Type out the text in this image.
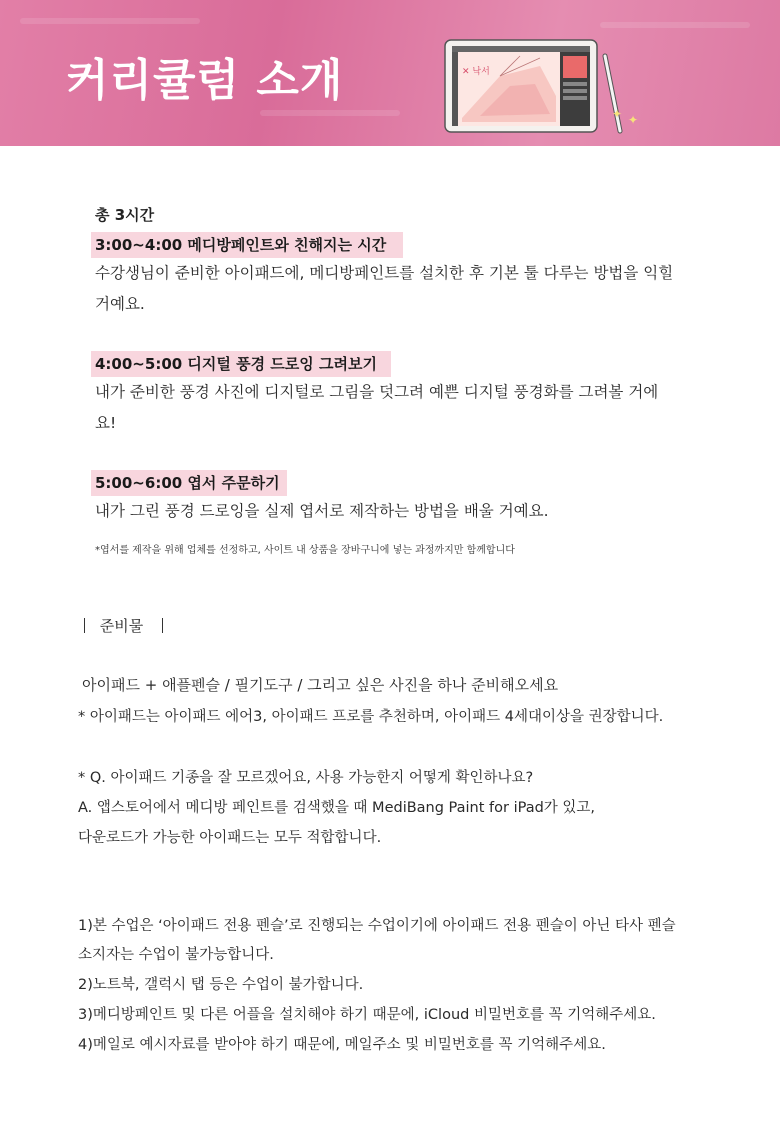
커리큘럼 소개	✕ 낙서
✦ ✦
총 3시간
3:00~4:00 메디방페인트와 친해지는 시간
수강생님이 준비한 아이패드에, 메디방페인트를 설치한 후 기본 툴 다루는 방법을 익힐 거예요.
4:00~5:00 디지털 풍경 드로잉 그려보기
내가 준비한 풍경 사진에 디지털로 그림을 덧그려 예쁜 디지털 풍경화를 그려볼 거에요!
5:00~6:00 엽서 주문하기
내가 그린 풍경 드로잉을 실제 엽서로 제작하는 방법을 배울 거예요.
*엽서를 제작을 위해 업체를 선정하고, 사이트 내 상품을 장바구니에 넣는 과정까지만 함께합니다
준비물
아이패드 + 애플펜슬 / 필기도구 / 그리고 싶은 사진을 하나 준비해오세요
* 아이패드는 아이패드 에어3, 아이패드 프로를 추천하며, 아이패드 4세대이상을 권장합니다.
* Q. 아이패드 기종을 잘 모르겠어요, 사용 가능한지 어떻게 확인하나요?
A. 앱스토어에서 메디방 페인트를 검색했을 때 MediBang Paint for iPad가 있고,
다운로드가 가능한 아이패드는 모두 적합합니다.
1)본 수업은 ‘아이패드 전용 펜슬’로 진행되는 수업이기에 아이패드 전용 펜슬이 아닌 타사 펜슬
소지자는 수업이 불가능합니다.
2)노트북, 갤럭시 탭 등은 수업이 불가합니다.
3)메디방페인트 및 다른 어플을 설치해야 하기 때문에, iCloud 비밀번호를 꼭 기억해주세요.
4)메일로 예시자료를 받아야 하기 때문에, 메일주소 및 비밀번호를 꼭 기억해주세요.
